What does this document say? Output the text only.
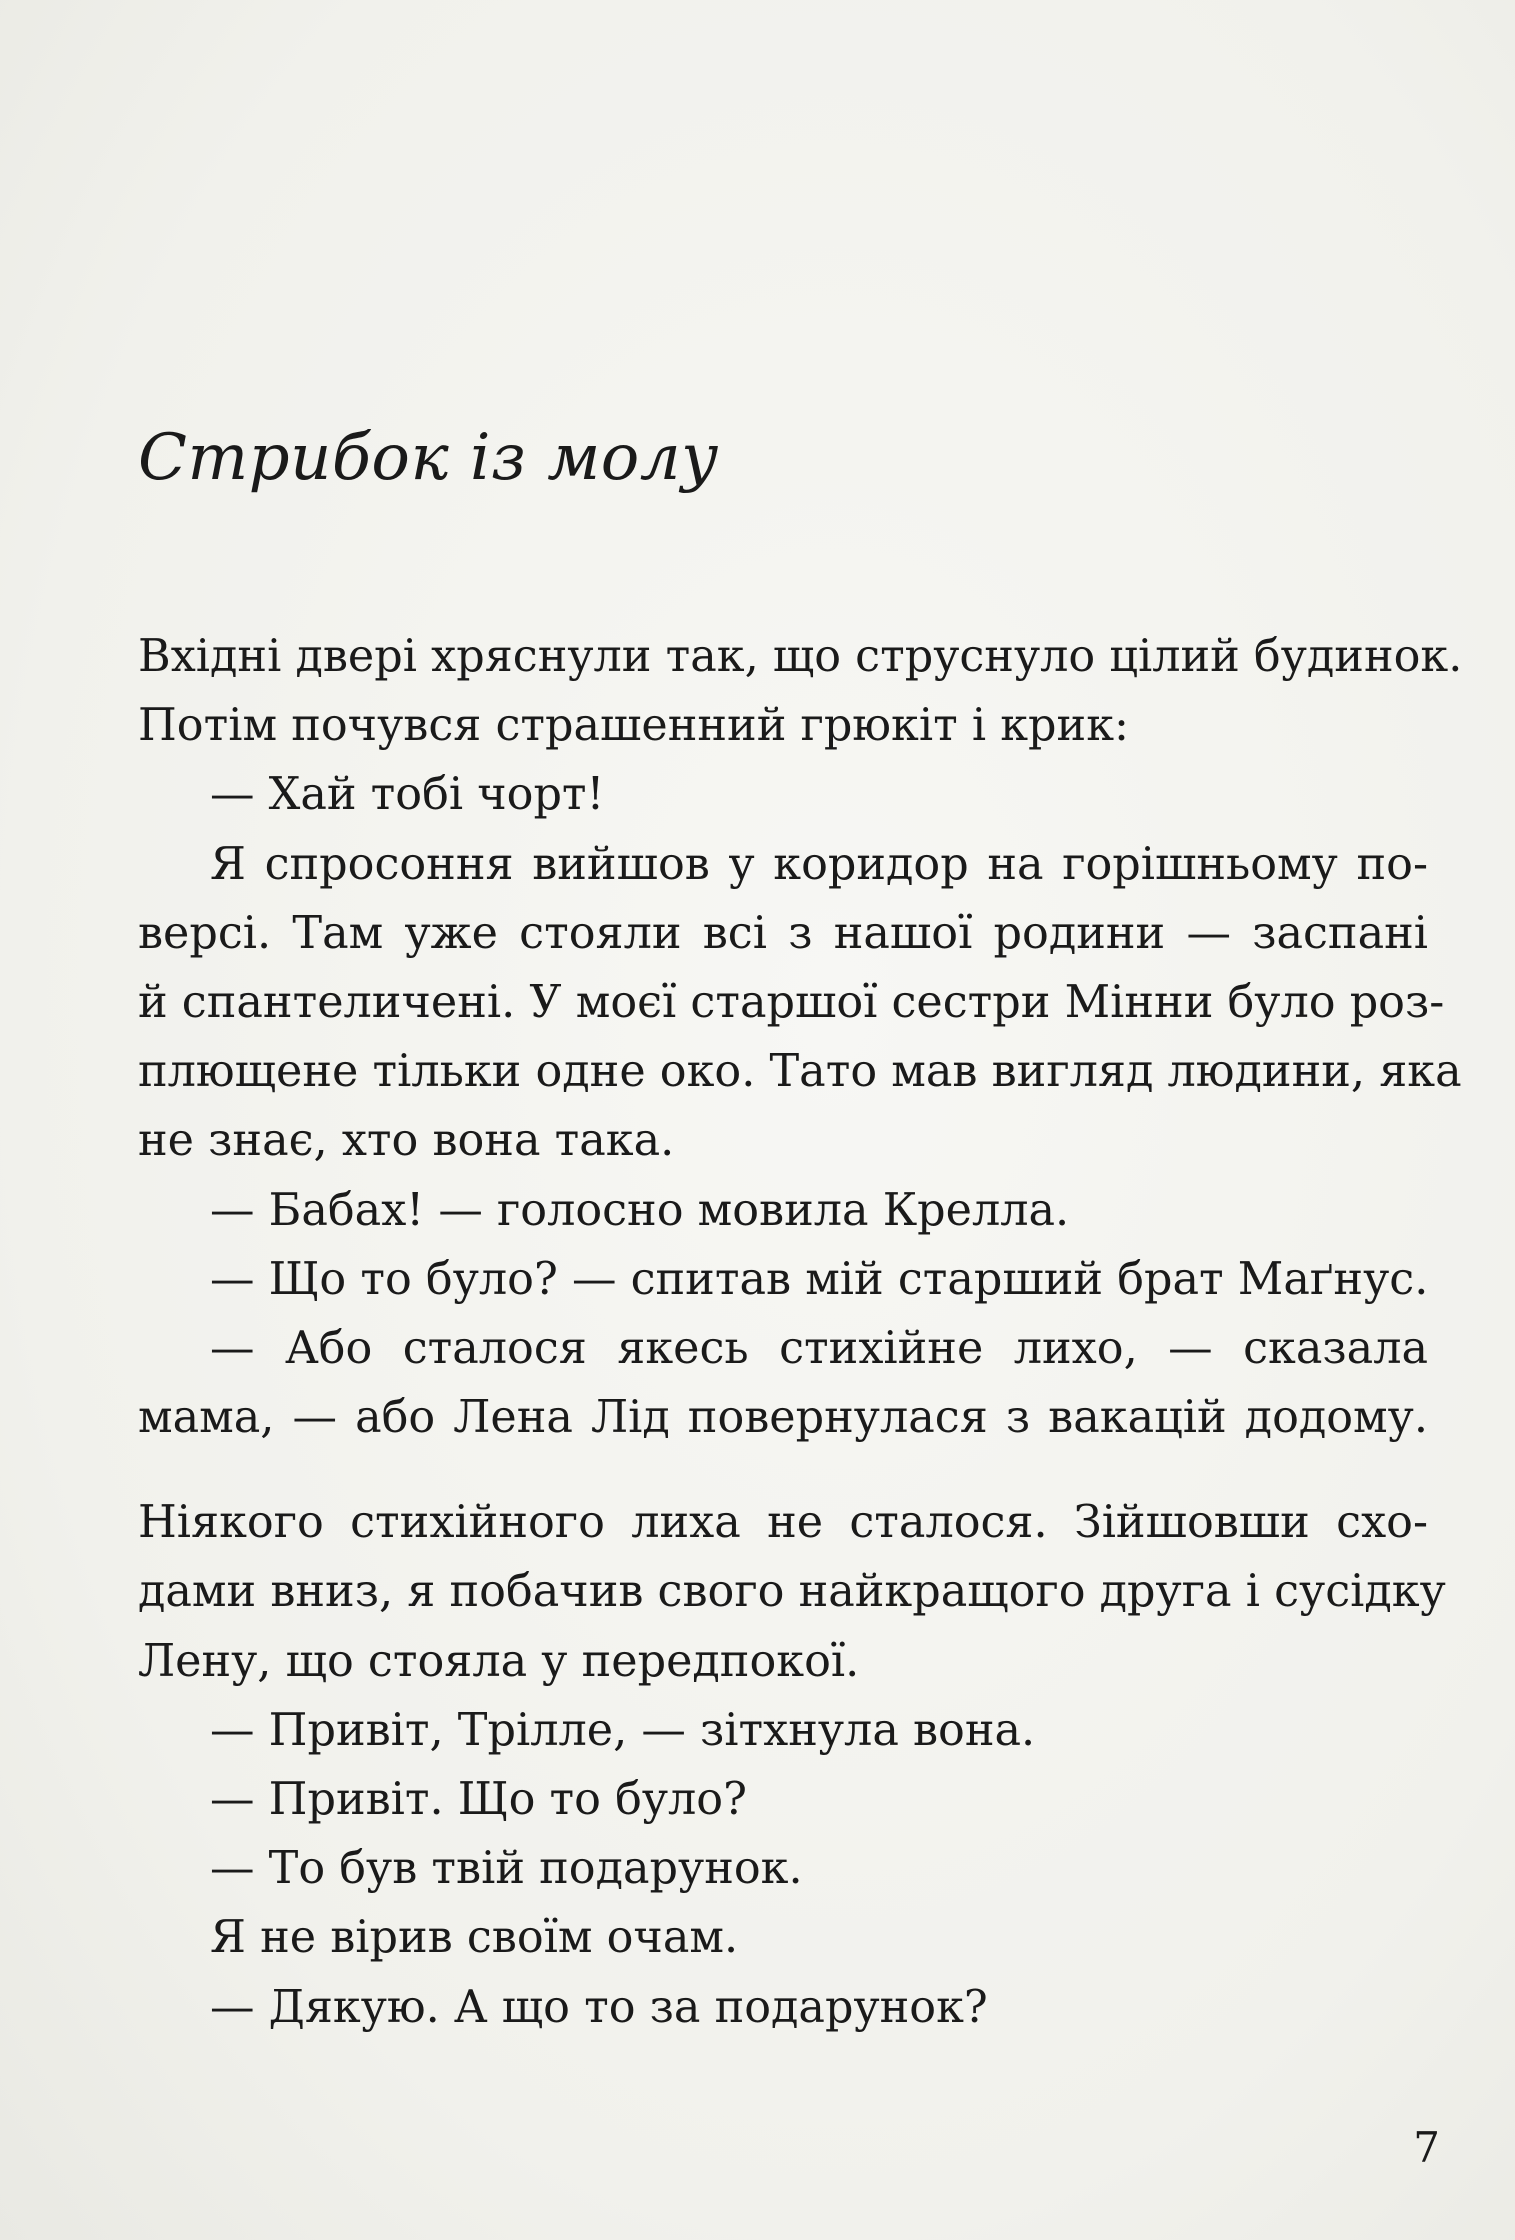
Стрибок із молу
Вхідні двері хряснули так, що струснуло цілий будинок.
Потім почувся страшенний грюкіт і крик:
— Хай тобі чорт!
Я спросоння вийшов у коридор на горішньому по-
версі. Там уже стояли всі з нашої родини — заспані
й спантеличені. У моєї старшої сестри Мінни було роз-
плющене тільки одне око. Тато мав вигляд людини, яка
не знає, хто вона така.
— Бабах! — голосно мовила Крелла.
— Що то було? — спитав мій старший брат Маґнус.
— Або сталося якесь стихійне лихо, — сказала
мама, — або Лена Лід повернулася з вакацій додому.
Ніякого стихійного лиха не сталося. Зійшовши схо-
дами вниз, я побачив свого найкращого друга і сусідку
Лену, що стояла у передпокої.
— Привіт, Трілле, — зітхнула вона.
— Привіт. Що то було?
— То був твій подарунок.
Я не вірив своїм очам.
— Дякую. А що то за подарунок?
7
